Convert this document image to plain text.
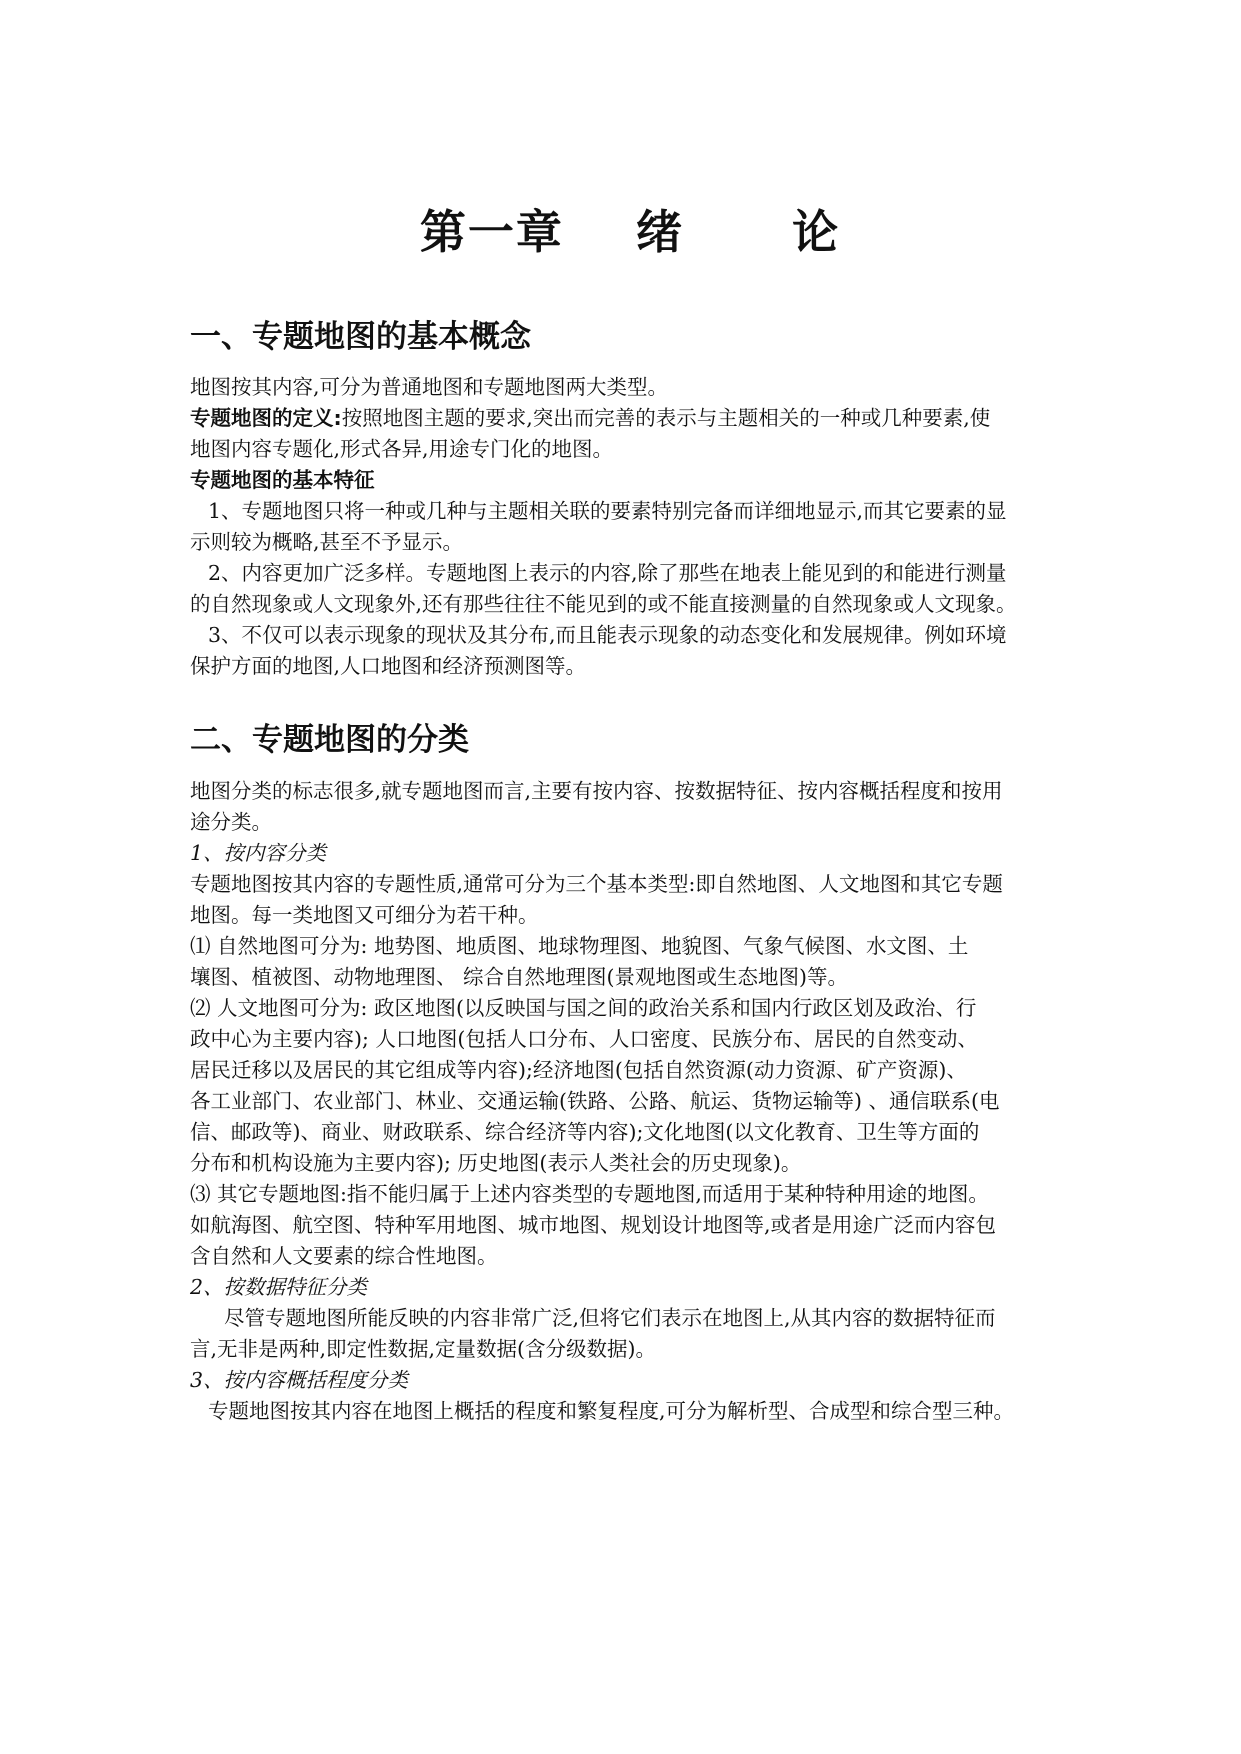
第一章    绪      论
一、专题地图的基本概念
地图按其内容,可分为普通地图和专题地图两大类型。
专题地图的定义:按照地图主题的要求,突出而完善的表示与主题相关的一种或几种要素,使
地图内容专题化,形式各异,用途专门化的地图。
专题地图的基本特征
1、专题地图只将一种或几种与主题相关联的要素特别完备而详细地显示,而其它要素的显
示则较为概略,甚至不予显示。
2、内容更加广泛多样。专题地图上表示的内容,除了那些在地表上能见到的和能进行测量
的自然现象或人文现象外,还有那些往往不能见到的或不能直接测量的自然现象或人文现象。
3、不仅可以表示现象的现状及其分布,而且能表示现象的动态变化和发展规律。例如环境
保护方面的地图,人口地图和经济预测图等。
二、专题地图的分类
地图分类的标志很多,就专题地图而言,主要有按内容、按数据特征、按内容概括程度和按用
途分类。
1、按内容分类
专题地图按其内容的专题性质,通常可分为三个基本类型:即自然地图、人文地图和其它专题
地图。每一类地图又可细分为若干种。
⑴ 自然地图可分为: 地势图、地质图、地球物理图、地貌图、气象气候图、水文图、土
壤图、植被图、动物地理图、 综合自然地理图(景观地图或生态地图)等。
⑵ 人文地图可分为: 政区地图(以反映国与国之间的政治关系和国内行政区划及政治、行
政中心为主要内容); 人口地图(包括人口分布、人口密度、民族分布、居民的自然变动、
居民迁移以及居民的其它组成等内容);经济地图(包括自然资源(动力资源、矿产资源)、
各工业部门、农业部门、林业、交通运输(铁路、公路、航运、货物运输等) 、通信联系(电
信、邮政等)、商业、财政联系、综合经济等内容);文化地图(以文化教育、卫生等方面的
分布和机构设施为主要内容); 历史地图(表示人类社会的历史现象)。
⑶ 其它专题地图:指不能归属于上述内容类型的专题地图,而适用于某种特种用途的地图。
如航海图、航空图、特种军用地图、城市地图、规划设计地图等,或者是用途广泛而内容包
含自然和人文要素的综合性地图。
2、按数据特征分类
尽管专题地图所能反映的内容非常广泛,但将它们表示在地图上,从其内容的数据特征而
言,无非是两种,即定性数据,定量数据(含分级数据)。
3、按内容概括程度分类
专题地图按其内容在地图上概括的程度和繁复程度,可分为解析型、合成型和综合型三种。
